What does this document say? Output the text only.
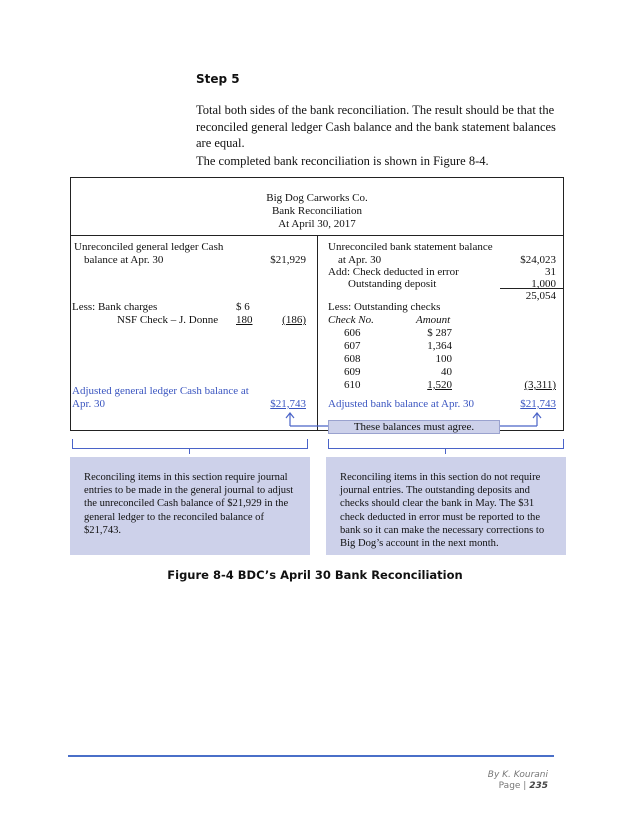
Step 5
Total both sides of the bank reconciliation. The result should be that the reconciled general ledger Cash balance and the bank statement balances are equal.
The completed bank reconciliation is shown in Figure 8-4.
Big Dog Carworks Co.
Bank Reconciliation
At April 30, 2017
Unreconciled general ledger Cash
balance at Apr. 30	$21,929
Less: Bank charges	$ 6
NSF Check – J. Donne 180	(186)
Adjusted general ledger Cash balance at
Apr. 30	$21,743
Unreconciled bank statement balance
at Apr. 30	$24,023
Add: Check deducted in error	31
Outstanding deposit	1,000
25,054
Less: Outstanding checks
Check No.	Amount
606	$ 287
607	1,364
608	100
609	40
610	1,520	(3,311)
Adjusted bank balance at Apr. 30	$21,743
These balances must agree.
Reconciling items in this section require journal entries to be made in the general journal to adjust the unreconciled Cash balance of $21,929 in the general ledger to the reconciled balance of $21,743.
Reconciling items in this section do not require journal entries. The outstanding deposits and checks should clear the bank in May. The $31 check deducted in error must be reported to the bank so it can make the necessary corrections to Big Dog’s account in the next month.
Figure 8-4 BDC’s April 30 Bank Reconciliation
By K. Kourani
Page | 235
